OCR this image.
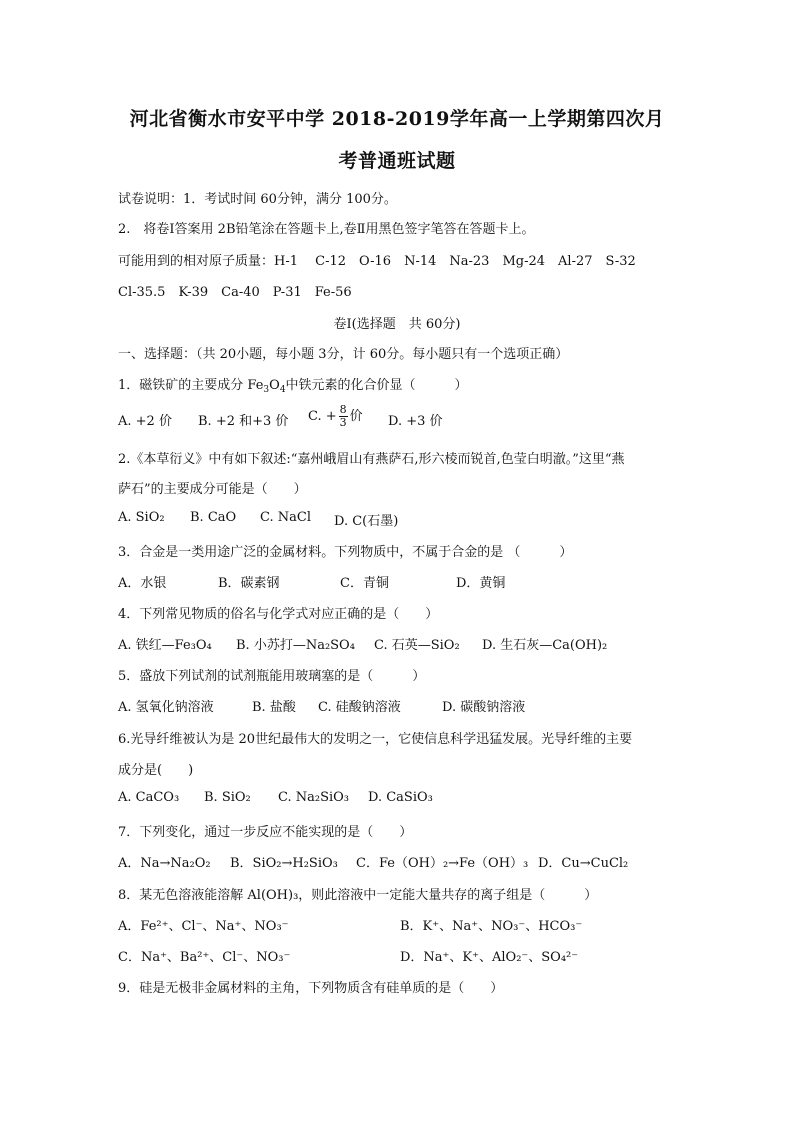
河北省衡水市安平中学 2018-2019学年高一上学期第四次月
考普通班试题
试卷说明：1．考试时间 60分钟，满分 100分。
2.　将卷Ⅰ答案用 2B铅笔涂在答题卡上,卷Ⅱ用黑色签字笔答在答题卡上。
可能用到的相对原子质量：H-1　 C-12　O-16　N-14　Na-23　Mg-24　Al-27　S-32
Cl-35.5　K-39　Ca-40　P-31　Fe-56
卷Ⅰ(选择题　共 60分)
一、选择题：（共 20小题，每小题 3分，计 60分。每小题只有一个选项正确）
1．磁铁矿的主要成分 $Fe_3O_4$中铁元素的化合价显（　　　）
A. +2 价 B. +2 和+3 价 C. + $\frac{8}{3}$ 价 D. +3 价
2.《本草衍义》中有如下叙述:“嘉州峨眉山有燕萨石,形六棱而锐首,色莹白明澈。”这里“燕
萨石”的主要成分可能是（　　）
A. SiO₂ B. CaO C. NaCl D. C(石墨)
3．合金是一类用途广泛的金属材料。下列物质中，不属于合金的是 （　　　）
A．水银	B．碳素钢	C．青铜	D．黄铜
4．下列常见物质的俗名与化学式对应正确的是（　　）
A. 铁红—Fe₃O₄ B. 小苏打—Na₂SO₄ C. 石英—SiO₂ D. 生石灰—Ca(OH)₂
5．盛放下列试剂的试剂瓶能用玻璃塞的是（　　　）
A. 氢氧化钠溶液	B. 盐酸 C. 硅酸钠溶液	D. 碳酸钠溶液
6.光导纤维被认为是 20世纪最伟大的发明之一，它使信息科学迅猛发展。光导纤维的主要
成分是(　　)
A. CaCO₃ B. SiO₂ C. Na₂SiO₃ D. CaSiO₃
7．下列变化，通过一步反应不能实现的是（　　）
A．Na→Na₂O₂ B．SiO₂→H₂SiO₃ C．Fe（OH）₂→Fe（OH）₃ D．Cu→CuCl₂
8．某无色溶液能溶解 Al(OH)₃，则此溶液中一定能大量共存的离子组是（　　　）
A．Fe²⁺、Cl⁻、Na⁺、NO₃⁻	B．K⁺、Na⁺、NO₃⁻、HCO₃⁻
C．Na⁺、Ba²⁺、Cl⁻、NO₃⁻	D．Na⁺、K⁺、AlO₂⁻、SO₄²⁻
9．硅是无极非金属材料的主角，下列物质含有硅单质的是（　　）
